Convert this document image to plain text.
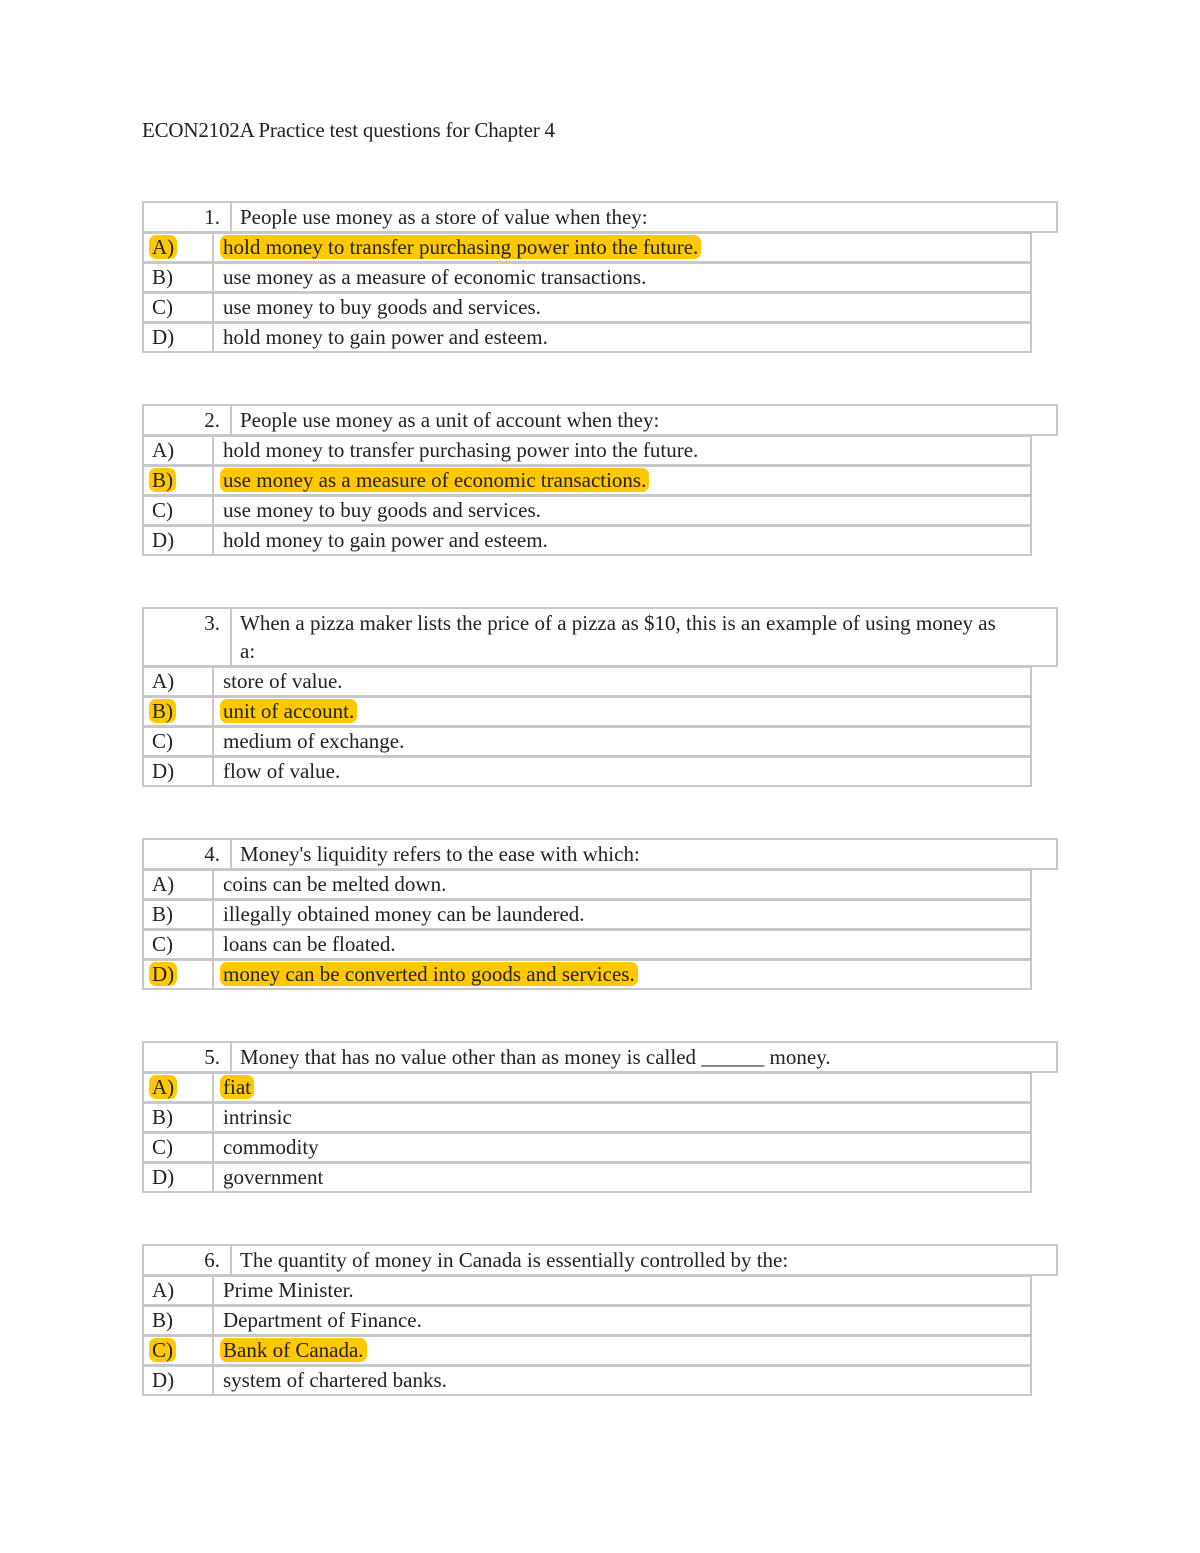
ECON2102A Practice test questions for Chapter 4
1. People use money as a store of value when they:
A)	hold money to transfer purchasing power into the future.
B)	use money as a measure of economic transactions.
C)	use money to buy goods and services.
D)	hold money to gain power and esteem.
2. People use money as a unit of account when they:
A)	hold money to transfer purchasing power into the future.
B)	use money as a measure of economic transactions.
C)	use money to buy goods and services.
D)	hold money to gain power and esteem.
3. When a pizza maker lists the price of a pizza as $10, this is an example of using money as a:
A)	store of value.
B)	unit of account.
C)	medium of exchange.
D)	flow of value.
4. Money's liquidity refers to the ease with which:
A)	coins can be melted down.
B)	illegally obtained money can be laundered.
C)	loans can be floated.
D)	money can be converted into goods and services.
5. Money that has no value other than as money is called ______ money.
A)	fiat
B)	intrinsic
C)	commodity
D)	government
6. The quantity of money in Canada is essentially controlled by the:
A)	Prime Minister.
B)	Department of Finance.
C)	Bank of Canada.
D)	system of chartered banks.
